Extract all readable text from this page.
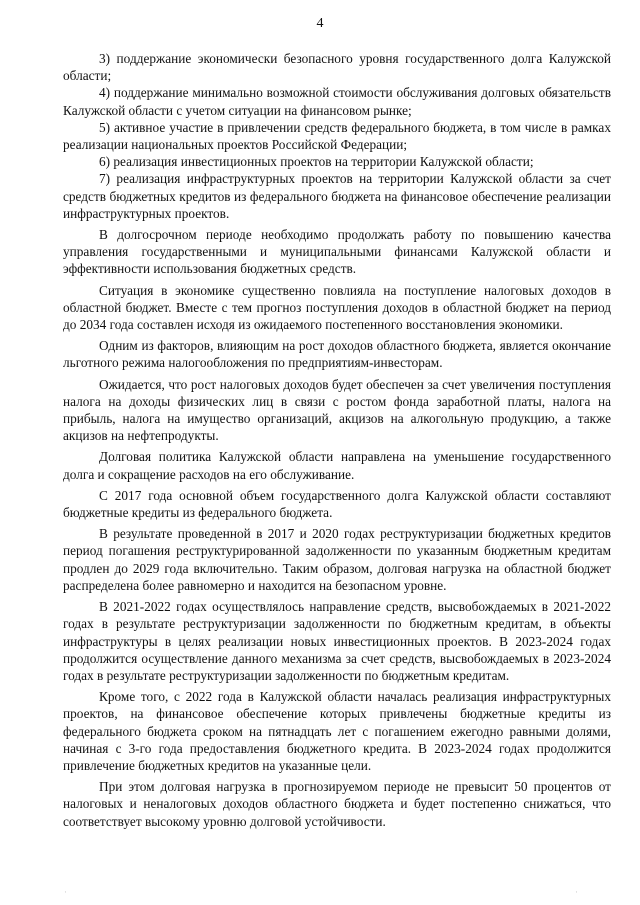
4

3) поддержание экономически безопасного уровня государственного долга Калужской области;

4) поддержание минимально возможной стоимости обслуживания долговых обязательств Калужской области с учетом ситуации на финансовом рынке;

5) активное участие в привлечении средств федерального бюджета, в том числе в рамках реализации национальных проектов Российской Федерации;

6) реализация инвестиционных проектов на территории Калужской области;

7) реализация инфраструктурных проектов на территории Калужской области за счет средств бюджетных кредитов из федерального бюджета на финансовое обеспечение реализации инфраструктурных проектов.

В долгосрочном периоде необходимо продолжать работу по повышению качества управления государственными и муниципальными финансами Калужской области и эффективности использования бюджетных средств.

Ситуация в экономике существенно повлияла на поступление налоговых доходов в областной бюджет. Вместе с тем прогноз поступления доходов в областной бюджет на период до 2034 года составлен исходя из ожидаемого постепенного восстановления экономики.

Одним из факторов, влияющим на рост доходов областного бюджета, является окончание льготного режима налогообложения по предприятиям-инвесторам.

Ожидается, что рост налоговых доходов будет обеспечен за счет увеличения поступления налога на доходы физических лиц в связи с ростом фонда заработной платы, налога на прибыль, налога на имущество организаций, акцизов на алкогольную продукцию, а также акцизов на нефтепродукты.

Долговая политика Калужской области направлена на уменьшение государственного долга и сокращение расходов на его обслуживание.

С 2017 года основной объем государственного долга Калужской области составляют бюджетные кредиты из федерального бюджета.

В результате проведенной в 2017 и 2020 годах реструктуризации бюджетных кредитов период погашения реструктурированной задолженности по указанным бюджетным кредитам продлен до 2029 года включительно. Таким образом, долговая нагрузка на областной бюджет распределена более равномерно и находится на безопасном уровне.

В 2021-2022 годах осуществлялось направление средств, высвобождаемых в 2021-2022 годах в результате реструктуризации задолженности по бюджетным кредитам, в объекты инфраструктуры в целях реализации новых инвестиционных проектов. В 2023-2024 годах продолжится осуществление данного механизма за счет средств, высвобождаемых в 2023-2024 годах в результате реструктуризации задолженности по бюджетным кредитам.

Кроме того, с 2022 года в Калужской области началась реализация инфраструктурных проектов, на финансовое обеспечение которых привлечены бюджетные кредиты из федерального бюджета сроком на пятнадцать лет с погашением ежегодно равными долями, начиная с 3-го года предоставления бюджетного кредита. В 2023-2024 годах продолжится привлечение бюджетных кредитов на указанные цели.

При этом долговая нагрузка в прогнозируемом периоде не превысит 50 процентов от налоговых и неналоговых доходов областного бюджета и будет постепенно снижаться, что соответствует высокому уровню долговой устойчивости.

·	·
